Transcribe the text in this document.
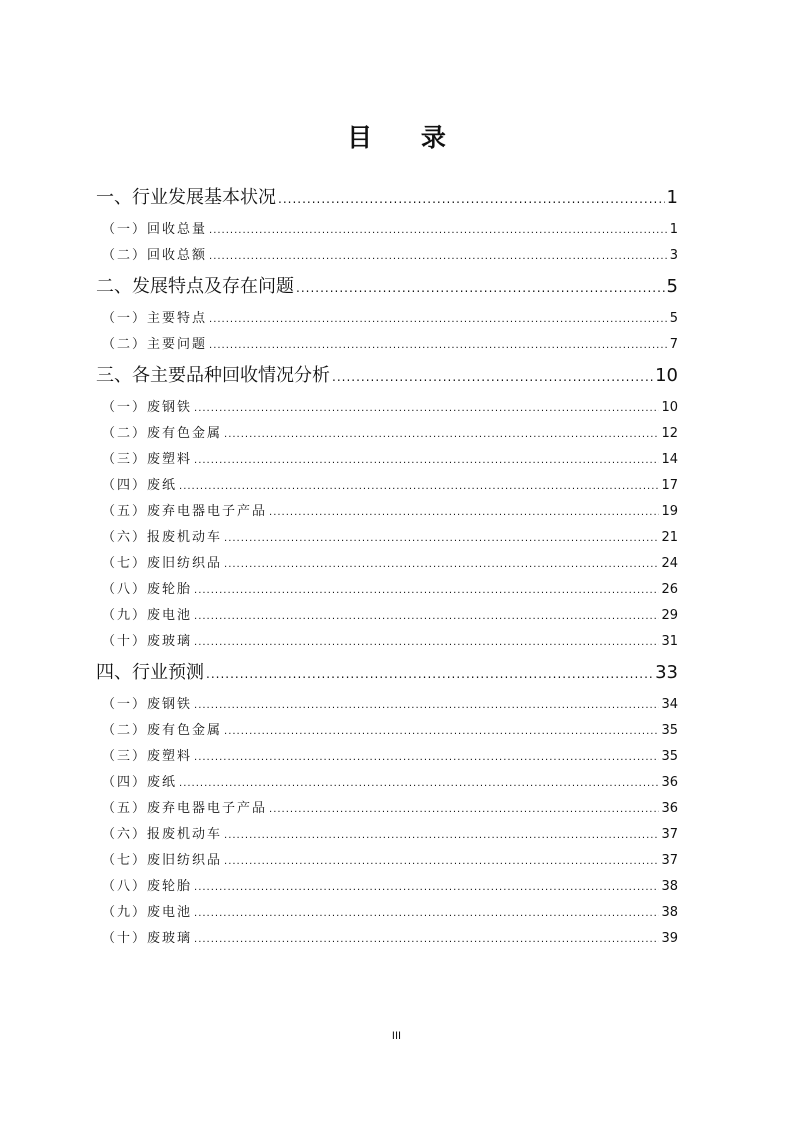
目 录
一、行业发展基本状况 .....	1
（一）回收总量 .....	1
（二）回收总额 .....	3
二、发展特点及存在问题 .....	5
（一）主要特点 .....	5
（二）主要问题 .....	7
三、各主要品种回收情况分析 .....	10
（一）废钢铁 .....	10
（二）废有色金属 .....	12
（三）废塑料 .....	14
（四）废纸 .....	17
（五）废弃电器电子产品 .....	19
（六）报废机动车 .....	21
（七）废旧纺织品 .....	24
（八）废轮胎 .....	26
（九）废电池 .....	29
（十）废玻璃 .....	31
四、行业预测 .....	33
（一）废钢铁 .....	34
（二）废有色金属 .....	35
（三）废塑料 .....	35
（四）废纸 .....	36
（五）废弃电器电子产品 .....	36
（六）报废机动车 .....	37
（七）废旧纺织品 .....	37
（八）废轮胎 .....	38
（九）废电池 .....	38
（十）废玻璃 .....	39
III
